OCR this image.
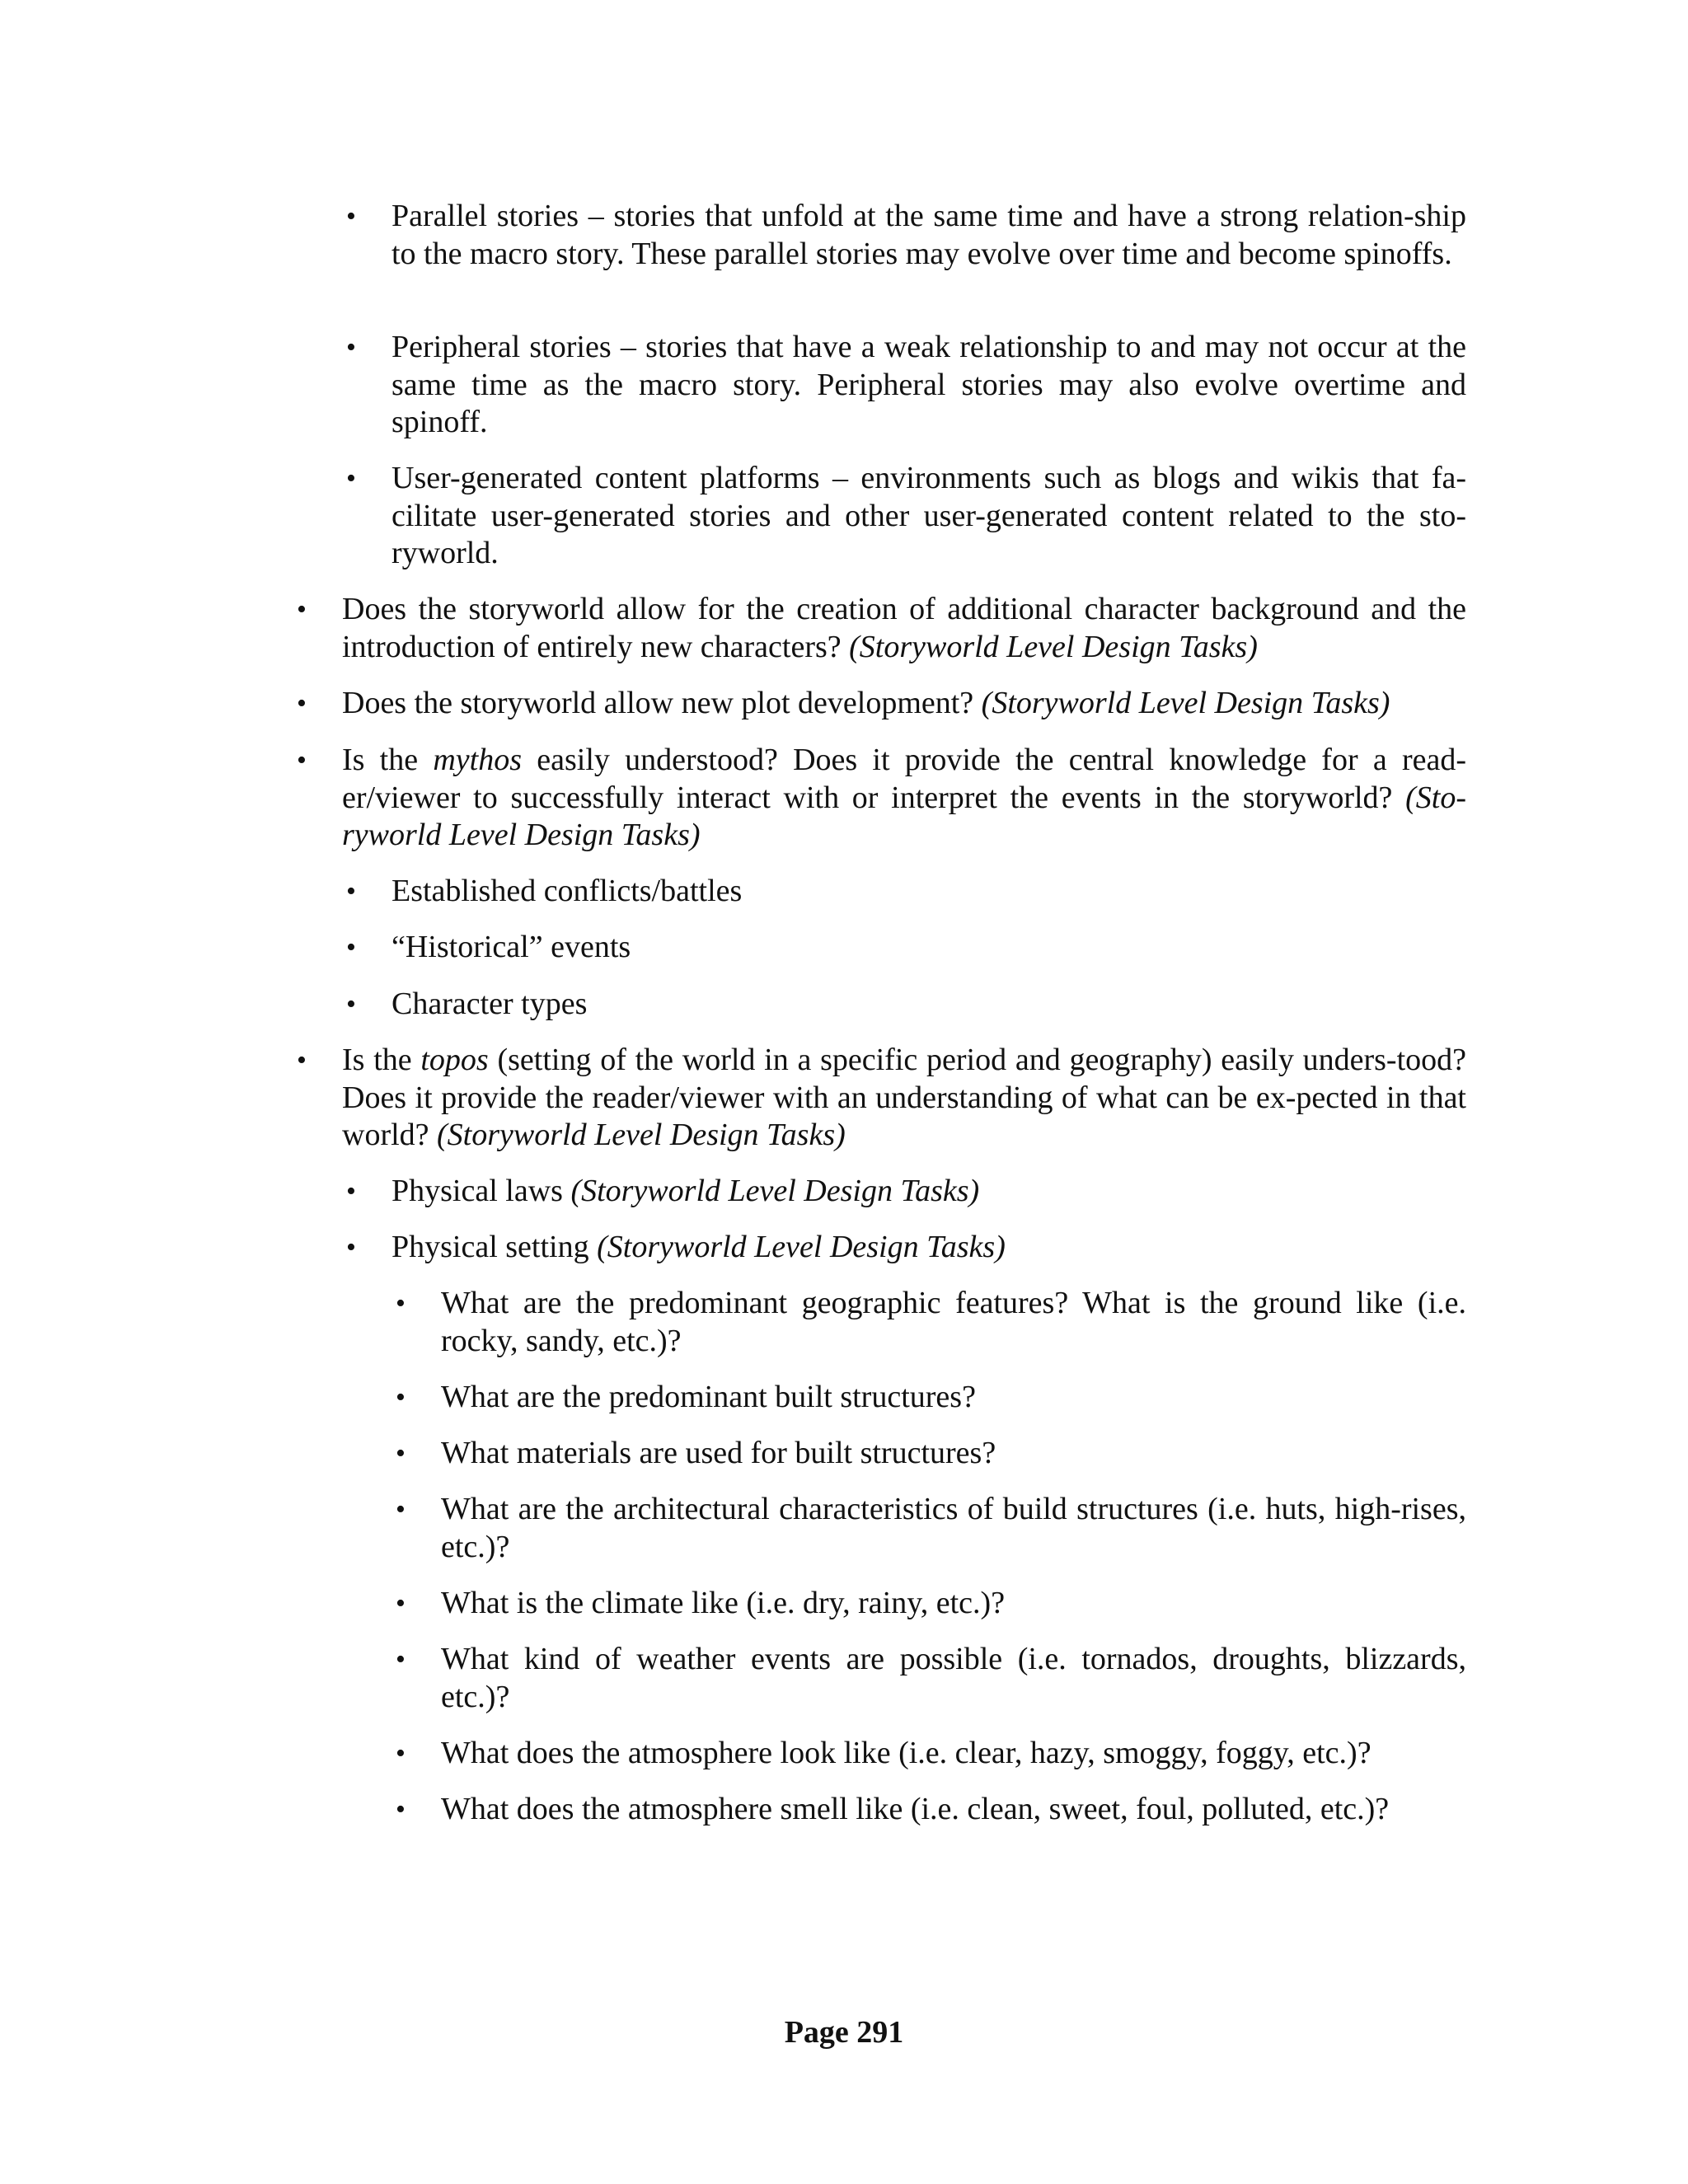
• Parallel stories – stories that unfold at the same time and have a strong relation-ship to the macro story. These parallel stories may evolve over time and become spinoffs.
• Peripheral stories – stories that have a weak relationship to and may not occur at the same time as the macro story. Peripheral stories may also evolve overtime and spinoff.
• User-generated content platforms – environments such as blogs and wikis that fa-cilitate user-generated stories and other user-generated content related to the sto-ryworld.
• Does the storyworld allow for the creation of additional character background and the introduction of entirely new characters? (Storyworld Level Design Tasks)
• Does the storyworld allow new plot development? (Storyworld Level Design Tasks)
• Is the mythos easily understood? Does it provide the central knowledge for a read-er/viewer to successfully interact with or interpret the events in the storyworld? (Sto-ryworld Level Design Tasks)
• Established conflicts/battles
• “Historical” events
• Character types
• Is the topos (setting of the world in a specific period and geography) easily unders-tood? Does it provide the reader/viewer with an understanding of what can be ex-pected in that world? (Storyworld Level Design Tasks)
• Physical laws (Storyworld Level Design Tasks)
• Physical setting (Storyworld Level Design Tasks)
• What are the predominant geographic features? What is the ground like (i.e. rocky, sandy, etc.)?
• What are the predominant built structures?
• What materials are used for built structures?
• What are the architectural characteristics of build structures (i.e. huts, high-rises, etc.)?
• What is the climate like (i.e. dry, rainy, etc.)?
• What kind of weather events are possible (i.e. tornados, droughts, blizzards, etc.)?
• What does the atmosphere look like (i.e. clear, hazy, smoggy, foggy, etc.)?
• What does the atmosphere smell like (i.e. clean, sweet, foul, polluted, etc.)?
Page 291
